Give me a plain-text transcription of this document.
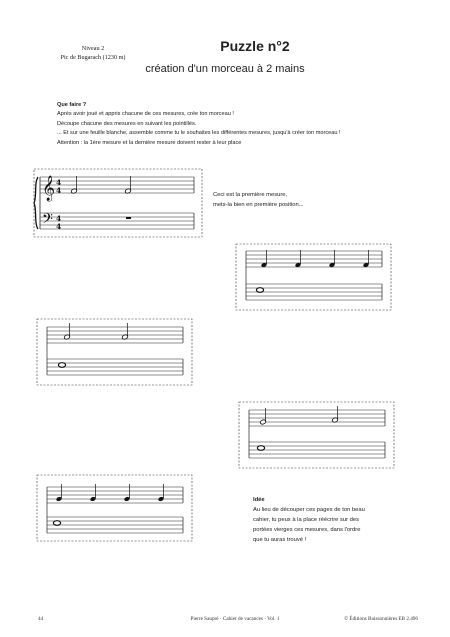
Niveau 2
Pic de Bugarach (1230 m)
Puzzle n°2
création d'un morceau à 2 mains
Que faire ?
Après avoir joué et appris chacune de ces mesures, crée ton morceau !
Découpe chacune des mesures en suivant les pointillés.
... Et sur une feuille blanche, assemble comme tu le souhaites les différentes mesures, jusqu'à créer ton morceau !
Attention : la 1ère mesure et la dernière mesure doivent rester à leur place
𝄞
𝄢
4
4
4
4
Ceci est la première mesure,
mets-la bien en première position...
Idée
Au lieu de découper ces pages de ton beau
cahier, tu peux à la place réécrire sur des
portées vierges ces mesures, dans l'ordre
que tu auras trouvé !
44	Pierre Saupré · Cahier de vacances · Vol. 1	© Éditions Buissonnières EB 2.496
